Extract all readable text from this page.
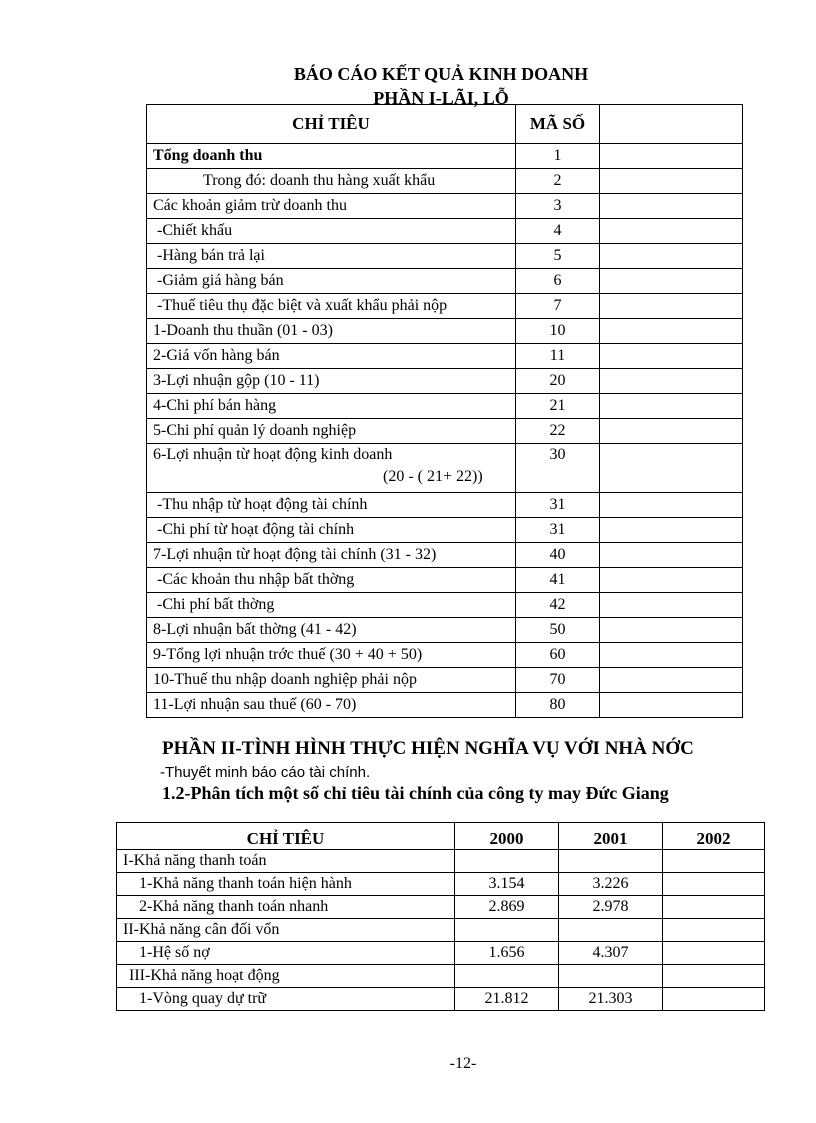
BÁO CÁO KẾT QUẢ KINH DOANH
PHẦN I-LÃI, LỖ
CHỈ TIÊU	MÃ SỐ	
Tổng doanh thu	1	
Trong đó: doanh thu hàng xuất khẩu	2	
Các khoản giảm trừ doanh thu	3	
-Chiết khấu	4	
-Hàng bán trả lại	5	
-Giảm giá hàng bán	6	
-Thuế tiêu thụ đặc biệt và xuất khẩu phải nộp	7	
1-Doanh thu thuần (01 - 03)	10	
2-Giá vốn hàng bán	11	
3-Lợi nhuận gộp (10 - 11)	20	
4-Chi phí bán hàng	21	
5-Chi phí quản lý doanh nghiệp	22	
6-Lợi nhuận từ hoạt động kinh doanh
(20 - ( 21+ 22))	30	
-Thu nhập từ hoạt động tài chính	31	
-Chi phí từ hoạt động tài chính	31	
7-Lợi nhuận từ hoạt động tài chính (31 - 32)	40	
-Các khoản thu nhập bất thờng	41	
-Chi phí bất thờng	42	
8-Lợi nhuận bất thờng (41 - 42)	50	
9-Tổng lợi nhuận trớc thuế (30 + 40 + 50)	60	
10-Thuế thu nhập doanh nghiệp phải nộp	70	
11-Lợi nhuận sau thuế (60 - 70)	80	
PHẦN II-TÌNH HÌNH THỰC HIỆN NGHĨA VỤ VỚI NHÀ NỚC
-Thuyết minh báo cáo tài chính.
1.2-Phân tích một số chỉ tiêu tài chính của công ty may Đức Giang
CHỈ TIÊU	2000	2001	2002
I-Khả năng thanh toán			
1-Khả năng thanh toán hiện hành	3.154	3.226	
2-Khả năng thanh toán nhanh	2.869	2.978	
II-Khả năng cân đối vốn			
1-Hệ số nợ	1.656	4.307	
III-Khả năng hoạt động			
1-Vòng quay dự trữ	21.812	21.303	
-12-
